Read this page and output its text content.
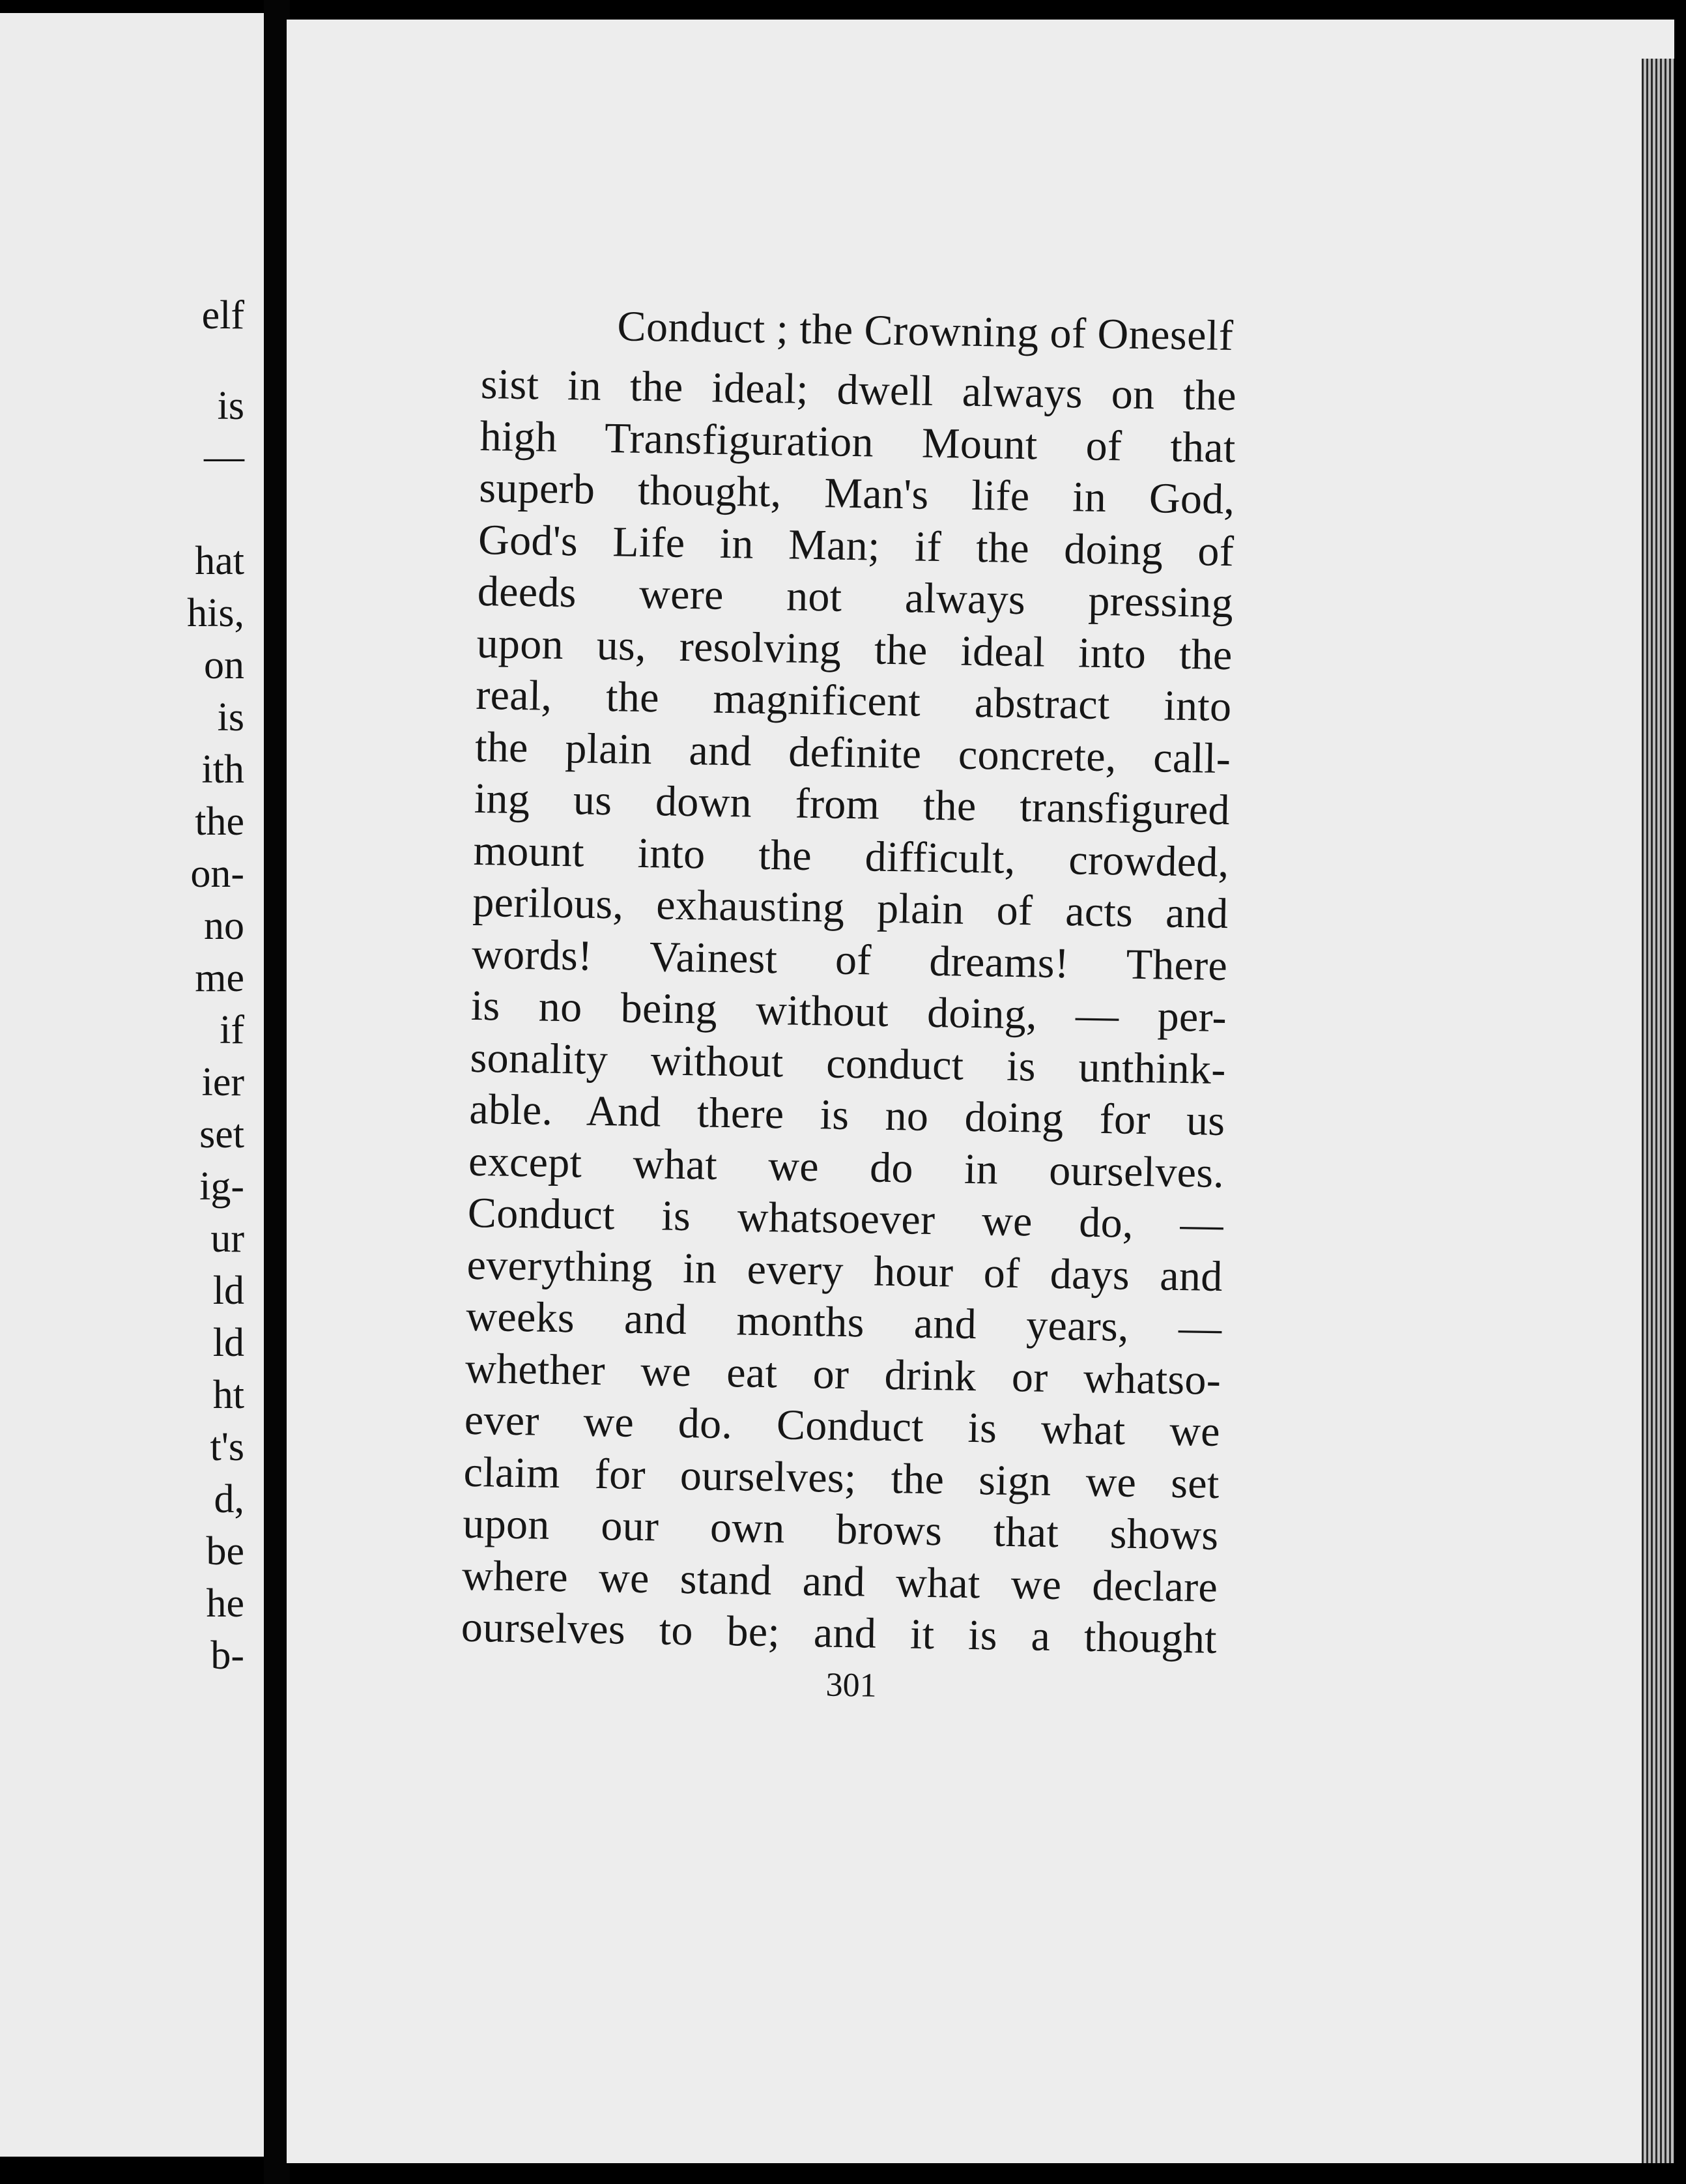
elf
is
—
hat
his,
on
is
ith
the
on-
no
me
if
ier
set
ig-
ur
ld
ld
ht
t's
d,
be
he
b-
Conduct ; the Crowning of Oneself
sist in the ideal; dwell always on the
high Transfiguration Mount of that
superb thought, Man's life in God,
God's Life in Man; if the doing of
deeds were not always pressing
upon us, resolving the ideal into the
real, the magnificent abstract into
the plain and definite concrete, call-
ing us down from the transfigured
mount into the difficult, crowded,
perilous, exhausting plain of acts and
words! Vainest of dreams! There
is no being without doing, — per-
sonality without conduct is unthink-
able. And there is no doing for us
except what we do in ourselves.
Conduct is whatsoever we do, —
everything in every hour of days and
weeks and months and years, —
whether we eat or drink or whatso-
ever we do. Conduct is what we
claim for ourselves; the sign we set
upon our own brows that shows
where we stand and what we declare
ourselves to be; and it is a thought
301
